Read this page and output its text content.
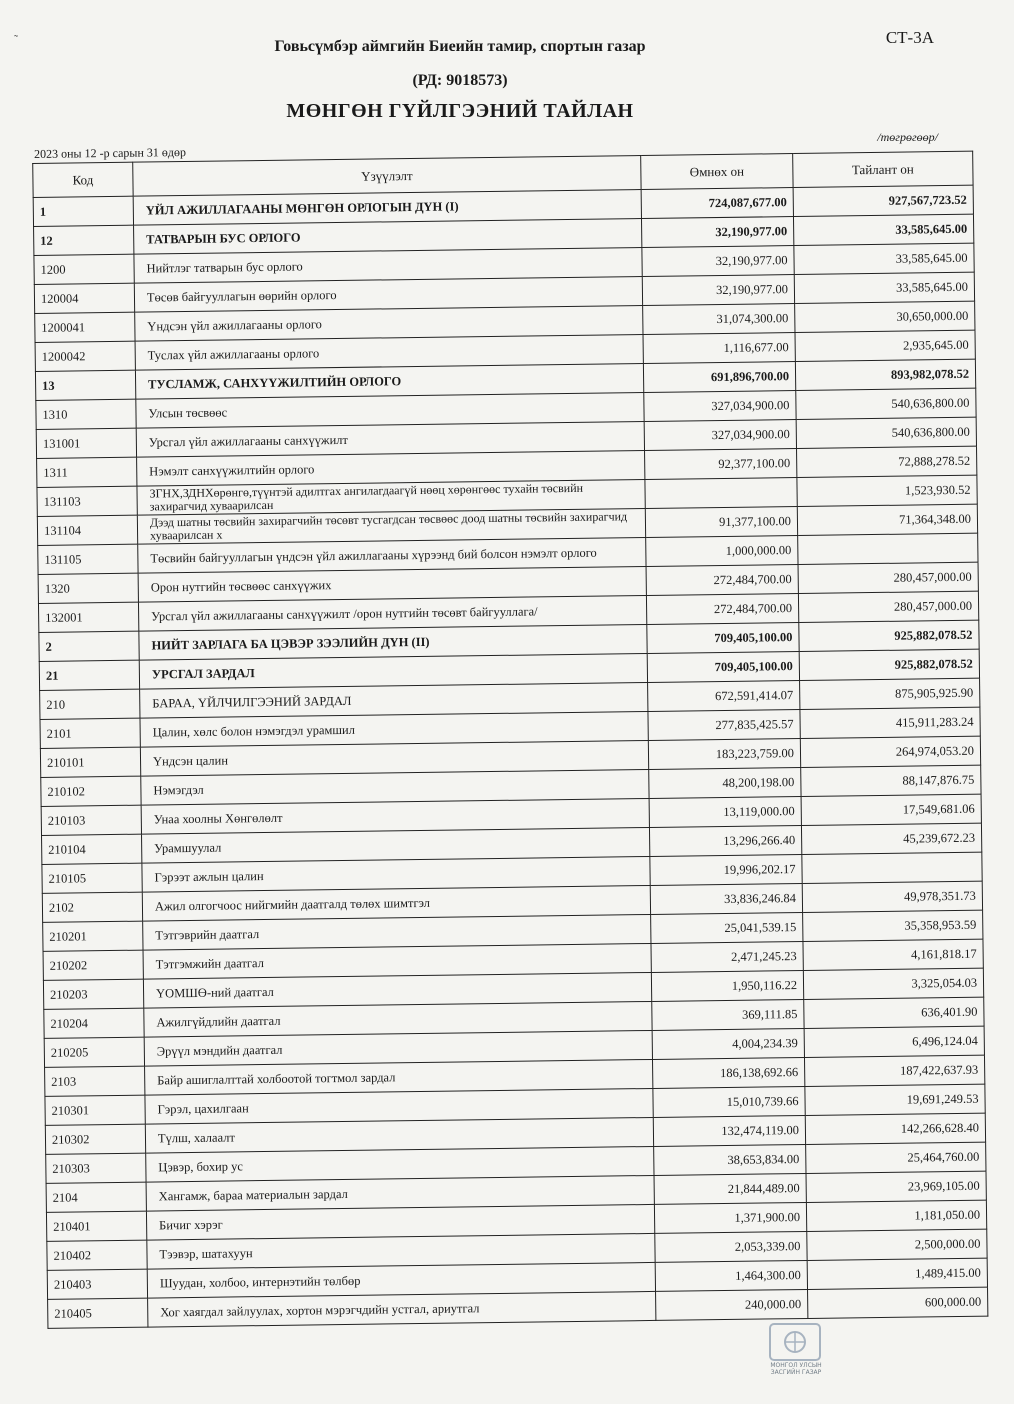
˜	СТ-3А
Говьсүмбэр аймгийн Биеийн тамир, спортын газар
(РД: 9018573)
МӨНГӨН ГҮЙЛГЭЭНИЙ ТАЙЛАН
/төгрөгөөр/
2023 оны 12 -р сарын 31 өдөр
Код	Үзүүлэлт	Өмнөх он	Тайлант он
1	ҮЙЛ АЖИЛЛАГААНЫ МӨНГӨН ОРЛОГЫН ДҮН (I)	724,087,677.00	927,567,723.52
12	ТАТВАРЫН БУС ОРЛОГО	32,190,977.00	33,585,645.00
1200	Нийтлэг татварын бус орлого	32,190,977.00	33,585,645.00
120004	Төсөв байгууллагын өөрийн орлого	32,190,977.00	33,585,645.00
1200041	Үндсэн үйл ажиллагааны орлого	31,074,300.00	30,650,000.00
1200042	Туслах үйл ажиллагааны орлого	1,116,677.00	2,935,645.00
13	ТУСЛАМЖ, САНХҮҮЖИЛТИЙН ОРЛОГО	691,896,700.00	893,982,078.52
1310	Улсын төсвөөс	327,034,900.00	540,636,800.00
131001	Урсгал үйл ажиллагааны санхүүжилт	327,034,900.00	540,636,800.00
1311	Нэмэлт санхүүжилтийн орлого	92,377,100.00	72,888,278.52
131103	ЗГНХ,ЗДНХөрөнгө,түүнтэй адилтгах ангилагдаагүй нөөц хөрөнгөөс тухайн төсвийн захирагчид хуваарилсан		1,523,930.52
131104	Дээд шатны төсвийн захирагчийн төсөвт тусгагдсан төсвөөс доод шатны төсвийн захирагчид хуваарилсан х	91,377,100.00	71,364,348.00
131105	Төсвийн байгууллагын үндсэн үйл ажиллагааны хүрээнд бий болсон нэмэлт орлого	1,000,000.00	
1320	Орон нутгийн төсвөөс санхүүжих	272,484,700.00	280,457,000.00
132001	Урсгал үйл ажиллагааны санхүүжилт /орон нутгийн төсөвт байгууллага/	272,484,700.00	280,457,000.00
2	НИЙТ ЗАРЛАГА БА ЦЭВЭР ЗЭЭЛИЙН ДҮН (II)	709,405,100.00	925,882,078.52
21	УРСГАЛ ЗАРДАЛ	709,405,100.00	925,882,078.52
210	БАРАА, ҮЙЛЧИЛГЭЭНИЙ ЗАРДАЛ	672,591,414.07	875,905,925.90
2101	Цалин, хөлс болон нэмэгдэл урамшил	277,835,425.57	415,911,283.24
210101	Үндсэн цалин	183,223,759.00	264,974,053.20
210102	Нэмэгдэл	48,200,198.00	88,147,876.75
210103	Унаа хоолны Хөнгөлөлт	13,119,000.00	17,549,681.06
210104	Урамшуулал	13,296,266.40	45,239,672.23
210105	Гэрээт ажлын цалин	19,996,202.17	
2102	Ажил олгогчоос нийгмийн даатгалд төлөх шимтгэл	33,836,246.84	49,978,351.73
210201	Тэтгэврийн даатгал	25,041,539.15	35,358,953.59
210202	Тэтгэмжийн даатгал	2,471,245.23	4,161,818.17
210203	ҮОМШӨ-ний даатгал	1,950,116.22	3,325,054.03
210204	Ажилгүйдлийн даатгал	369,111.85	636,401.90
210205	Эрүүл мэндийн даатгал	4,004,234.39	6,496,124.04
2103	Байр ашиглалттай холбоотой тогтмол зардал	186,138,692.66	187,422,637.93
210301	Гэрэл, цахилгаан	15,010,739.66	19,691,249.53
210302	Түлш, халаалт	132,474,119.00	142,266,628.40
210303	Цэвэр, бохир ус	38,653,834.00	25,464,760.00
2104	Хангамж, бараа материалын зардал	21,844,489.00	23,969,105.00
210401	Бичиг хэрэг	1,371,900.00	1,181,050.00
210402	Тээвэр, шатахуун	2,053,339.00	2,500,000.00
210403	Шуудан, холбоо, интернэтийн төлбөр	1,464,300.00	1,489,415.00
210405	Хог хаягдал зайлуулах, хортон мэрэгчдийн устгал, ариутгал	240,000.00	600,000.00
МОНГОЛ УЛСЫН ЗАСГИЙН ГАЗАР
